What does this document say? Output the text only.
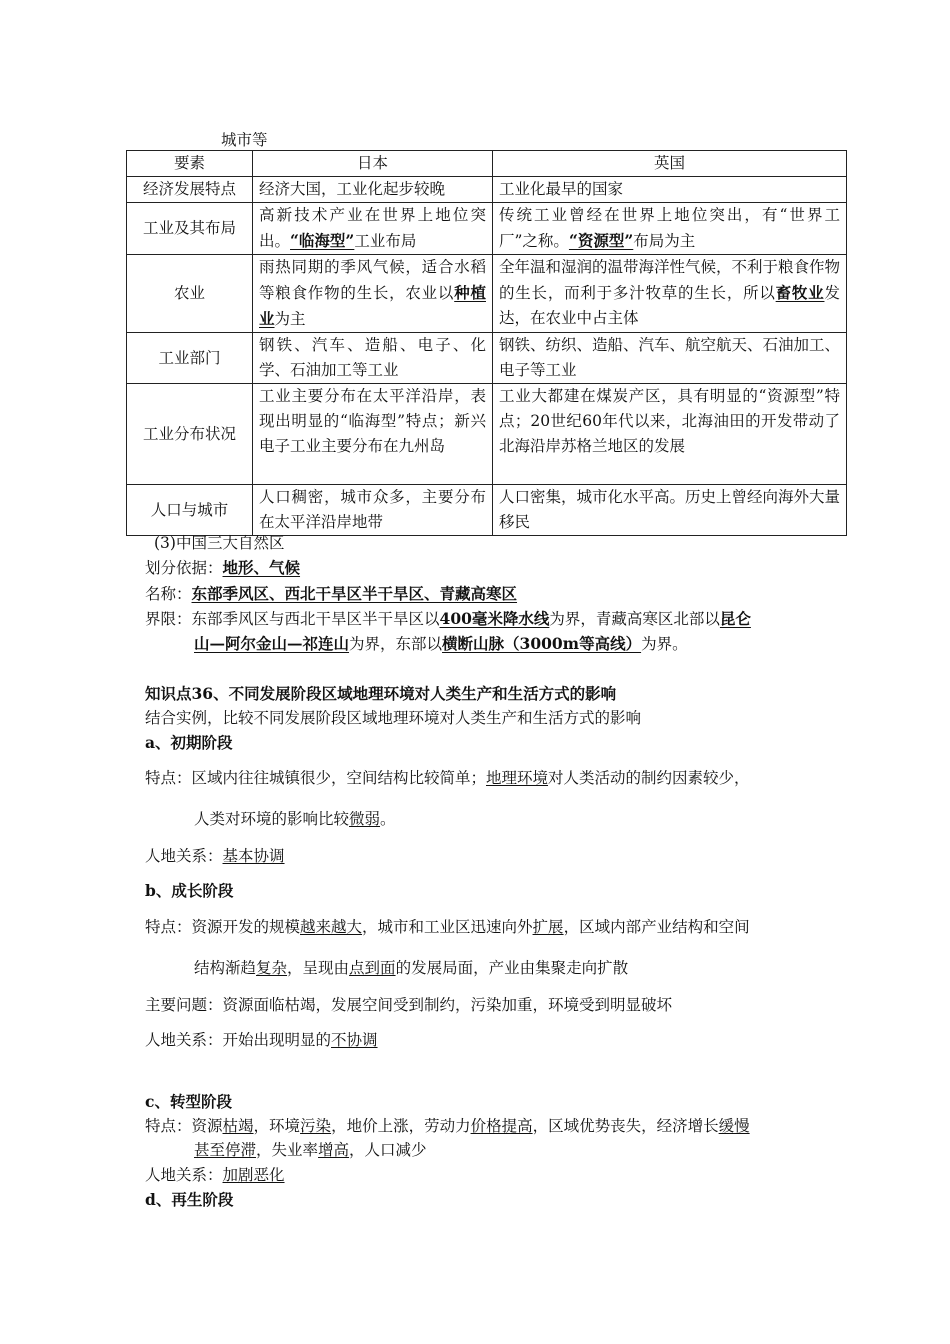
城市等
要素	日本	英国
经济发展特点	经济大国，工业化起步较晚	工业化最早的国家
工业及其布局	高新技术产业在世界上地位突出。“临海型”工业布局	传统工业曾经在世界上地位突出，有“世界工厂”之称。“资源型”布局为主
农业	雨热同期的季风气候，适合水稻等粮食作物的生长，农业以种植业为主	全年温和湿润的温带海洋性气候，不利于粮食作物的生长，而利于多汁牧草的生长，所以畜牧业发达，在农业中占主体
工业部门	钢铁、汽车、造船、电子、化学、石油加工等工业	钢铁、纺织、造船、汽车、航空航天、石油加工、电子等工业
工业分布状况	工业主要分布在太平洋沿岸，表现出明显的“临海型”特点；新兴电子工业主要分布在九州岛	工业大都建在煤炭产区，具有明显的“资源型”特点；20世纪60年代以来，北海油田的开发带动了北海沿岸苏格兰地区的发展
人口与城市	人口稠密，城市众多，主要分布在太平洋沿岸地带	人口密集，城市化水平高。历史上曾经向海外大量移民
(3)中国三大自然区
划分依据：地形、气候
名称：东部季风区、西北干旱区半干旱区、青藏高寒区
界限：东部季风区与西北干旱区半干旱区以400毫米降水线为界，青藏高寒区北部以昆仑
山—阿尔金山—祁连山为界，东部以横断山脉（3000m等高线）为界。
知识点36、不同发展阶段区域地理环境对人类生产和生活方式的影响
结合实例，比较不同发展阶段区域地理环境对人类生产和生活方式的影响
a、初期阶段
特点：区域内往往城镇很少，空间结构比较简单；地理环境对人类活动的制约因素较少，
人类对环境的影响比较微弱。
人地关系：基本协调
b、成长阶段
特点：资源开发的规模越来越大，城市和工业区迅速向外扩展，区域内部产业结构和空间
结构渐趋复杂，呈现由点到面的发展局面，产业由集聚走向扩散
主要问题：资源面临枯竭，发展空间受到制约，污染加重，环境受到明显破坏
人地关系：开始出现明显的不协调
c、转型阶段
特点：资源枯竭，环境污染，地价上涨，劳动力价格提高，区域优势丧失，经济增长缓慢
甚至停滞，失业率增高，人口减少
人地关系：加剧恶化
d、再生阶段
